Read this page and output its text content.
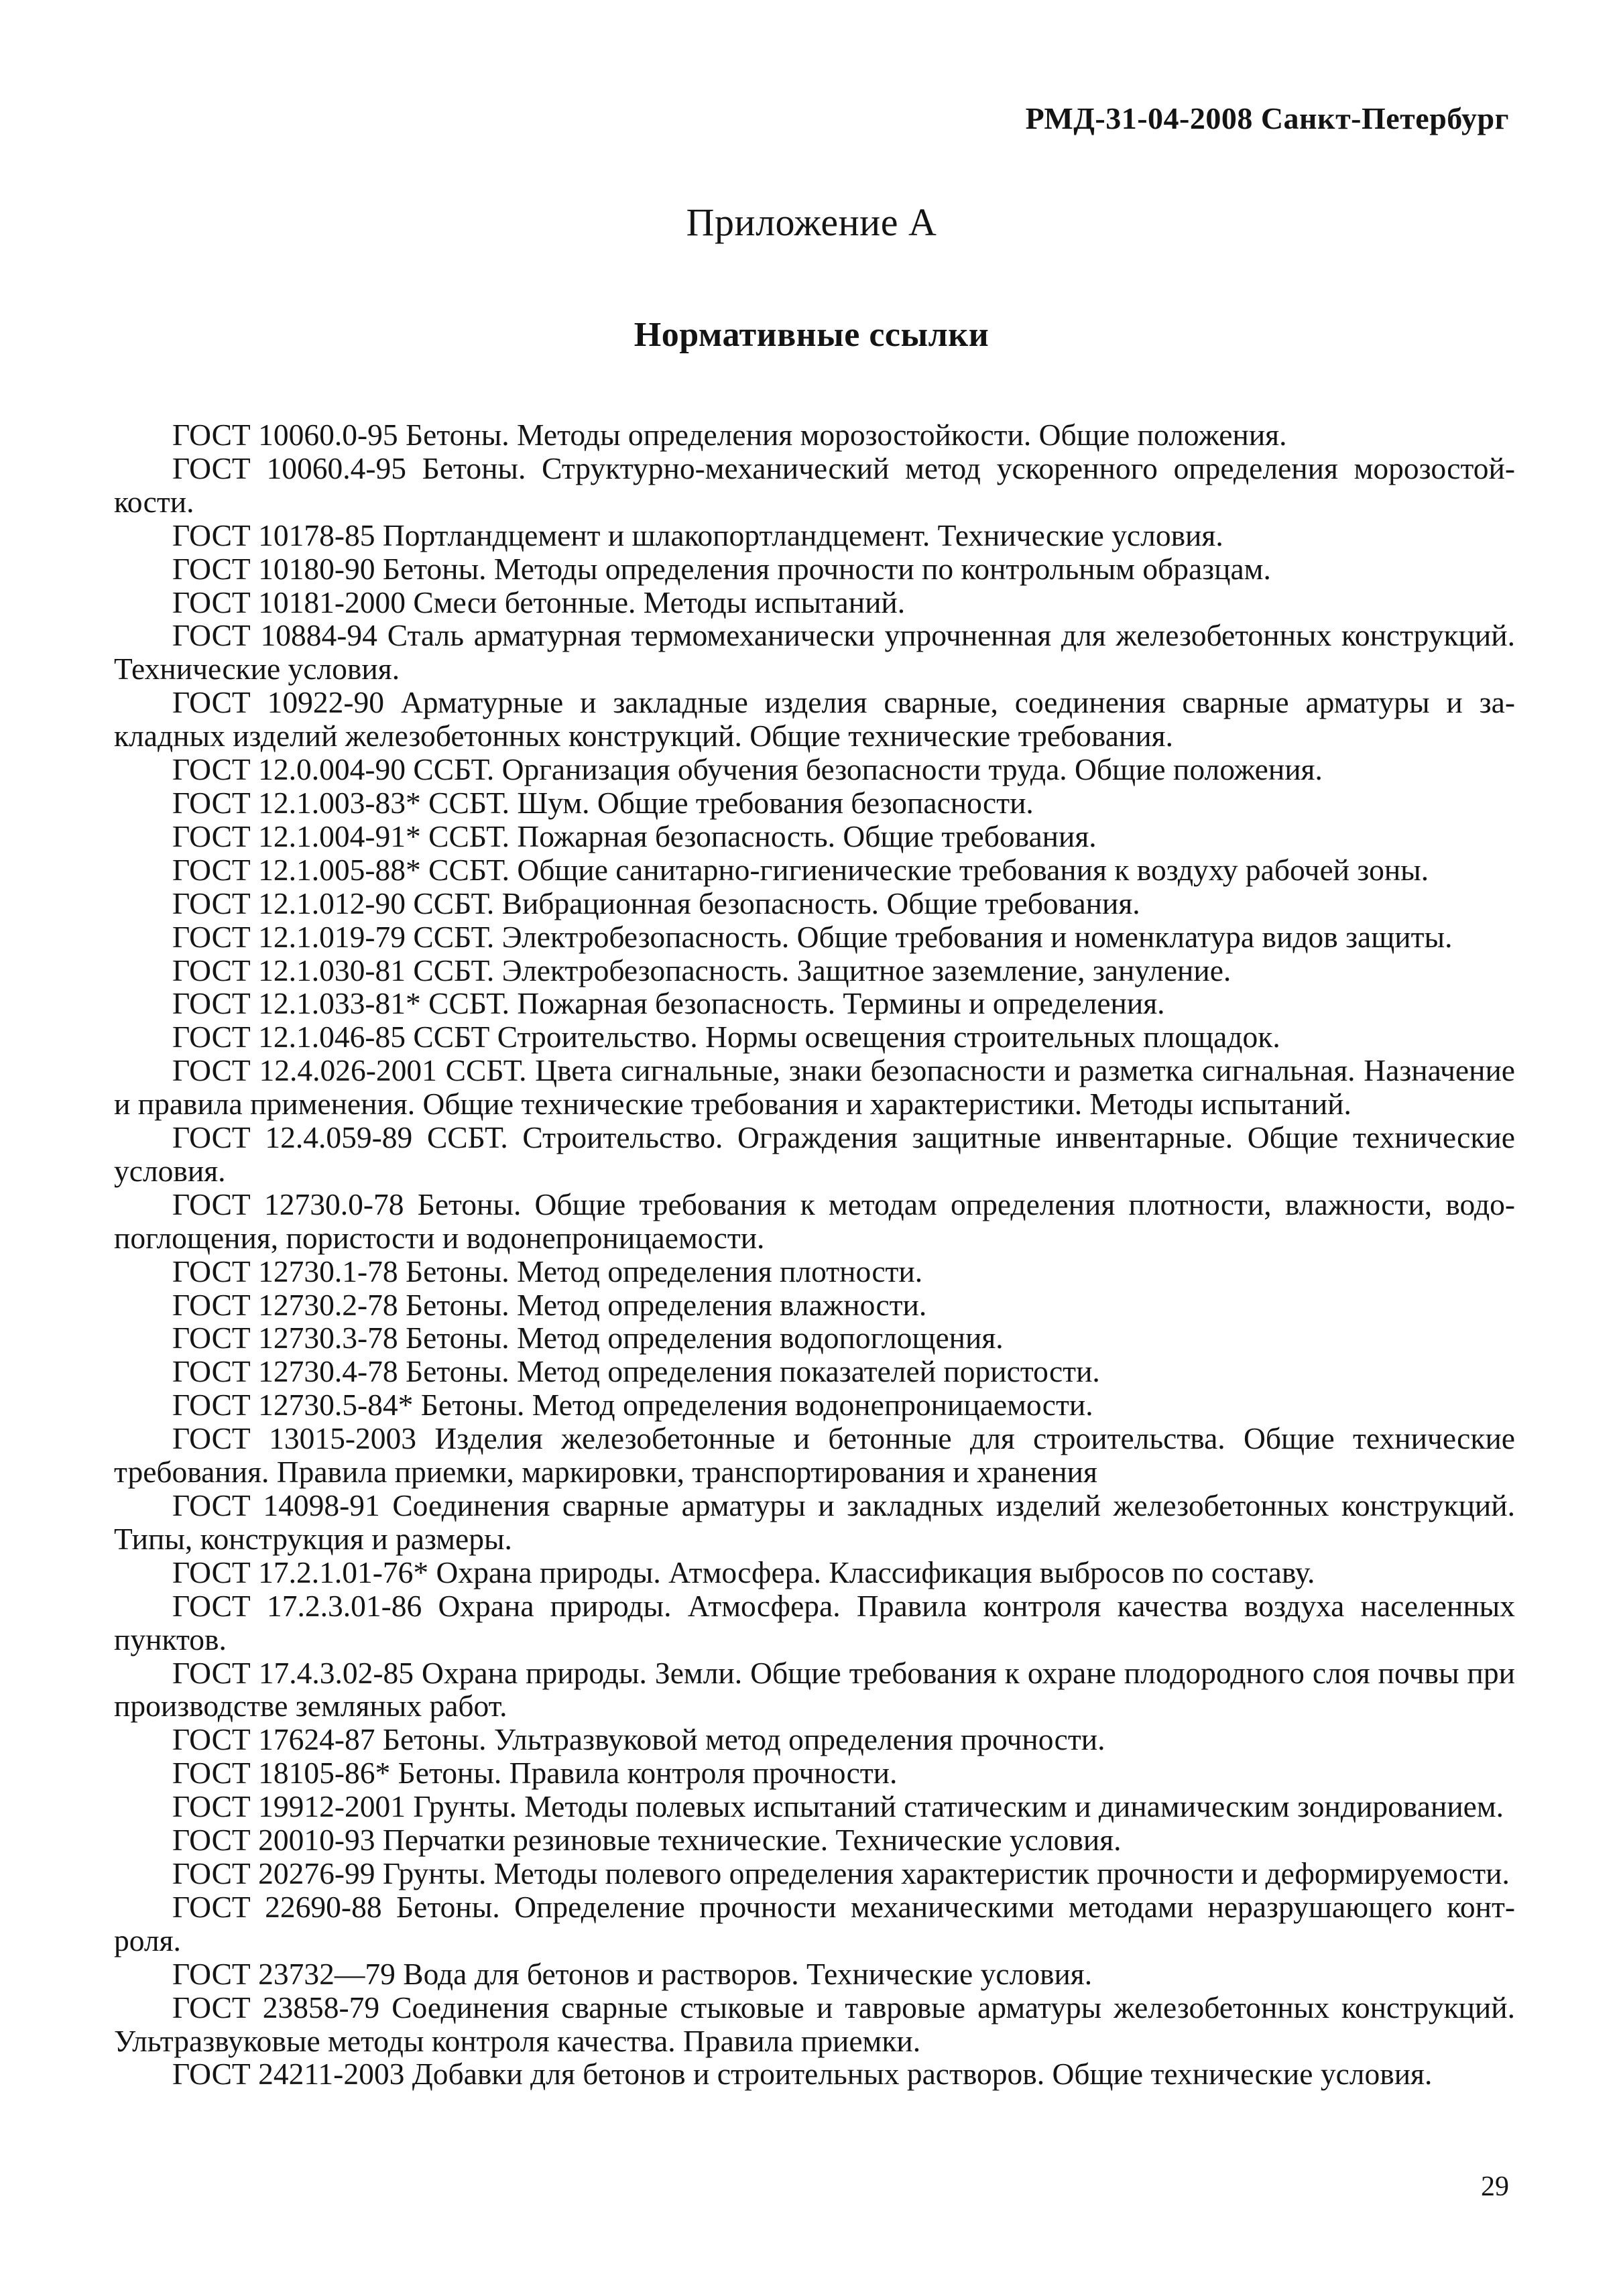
РМД-31-04-2008 Санкт-Петербург
Приложение А
Нормативные ссылки

ГОСТ 10060.0-95 Бетоны. Методы определения морозостойкости. Общие положения.

ГОСТ 10060.4-95 Бетоны. Структурно-механический метод ускоренного определения морозостойкости.

ГОСТ 10178-85 Портландцемент и шлакопортландцемент. Технические условия.

ГОСТ 10180-90 Бетоны. Методы определения прочности по контрольным образцам.

ГОСТ 10181-2000 Смеси бетонные. Методы испытаний.

ГОСТ 10884-94 Сталь арматурная термомеханически упрочненная для железобетонных конструкций. Технические условия.

ГОСТ 10922-90 Арматурные и закладные изделия сварные, соединения сварные арматуры и закладных изделий железобетонных конструкций. Общие технические требования.

ГОСТ 12.0.004-90 ССБТ. Организация обучения безопасности труда. Общие положения.

ГОСТ 12.1.003-83* ССБТ. Шум. Общие требования безопасности.

ГОСТ 12.1.004-91* ССБТ. Пожарная безопасность. Общие требования.

ГОСТ 12.1.005-88* ССБТ. Общие санитарно-гигиенические требования к воздуху рабочей зоны.

ГОСТ 12.1.012-90 ССБТ. Вибрационная безопасность. Общие требования.

ГОСТ 12.1.019-79 ССБТ. Электробезопасность. Общие требования и номенклатура видов защиты.

ГОСТ 12.1.030-81 ССБТ. Электробезопасность. Защитное заземление, зануление.

ГОСТ 12.1.033-81* ССБТ. Пожарная безопасность. Термины и определения.

ГОСТ 12.1.046-85 ССБТ Строительство. Нормы освещения строительных площадок.

ГОСТ 12.4.026-2001 ССБТ. Цвета сигнальные, знаки безопасности и разметка сигнальная. Назначение и правила применения. Общие технические требования и характеристики. Методы испытаний.

ГОСТ 12.4.059-89 ССБТ. Строительство. Ограждения защитные инвентарные. Общие технические условия.

ГОСТ 12730.0-78 Бетоны. Общие требования к методам определения плотности, влажности, водопоглощения, пористости и водонепроницаемости.

ГОСТ 12730.1-78 Бетоны. Метод определения плотности.

ГОСТ 12730.2-78 Бетоны. Метод определения влажности.

ГОСТ 12730.3-78 Бетоны. Метод определения водопоглощения.

ГОСТ 12730.4-78 Бетоны. Метод определения показателей пористости.

ГОСТ 12730.5-84* Бетоны. Метод определения водонепроницаемости.

ГОСТ 13015-2003 Изделия железобетонные и бетонные для строительства. Общие технические требования. Правила приемки, маркировки, транспортирования и хранения

ГОСТ 14098-91 Соединения сварные арматуры и закладных изделий железобетонных конструкций. Типы, конструкция и размеры.

ГОСТ 17.2.1.01-76* Охрана природы. Атмосфера. Классификация выбросов по составу.

ГОСТ 17.2.3.01-86 Охрана природы. Атмосфера. Правила контроля качества воздуха населенных пунктов.

ГОСТ 17.4.3.02-85 Охрана природы. Земли. Общие требования к охране плодородного слоя почвы при производстве земляных работ.

ГОСТ 17624-87 Бетоны. Ультразвуковой метод определения прочности.

ГОСТ 18105-86* Бетоны. Правила контроля прочности.

ГОСТ 19912-2001 Грунты. Методы полевых испытаний статическим и динамическим зондированием.

ГОСТ 20010-93 Перчатки резиновые технические. Технические условия.

ГОСТ 20276-99 Грунты. Методы полевого определения характеристик прочности и деформируемости.

ГОСТ 22690-88 Бетоны. Определение прочности механическими методами неразрушающего контроля.

ГОСТ 23732—79 Вода для бетонов и растворов. Технические условия.

ГОСТ 23858-79 Соединения сварные стыковые и тавровые арматуры железобетонных конструкций. Ультразвуковые методы контроля качества. Правила приемки.

ГОСТ 24211-2003 Добавки для бетонов и строительных растворов. Общие технические условия.

29
